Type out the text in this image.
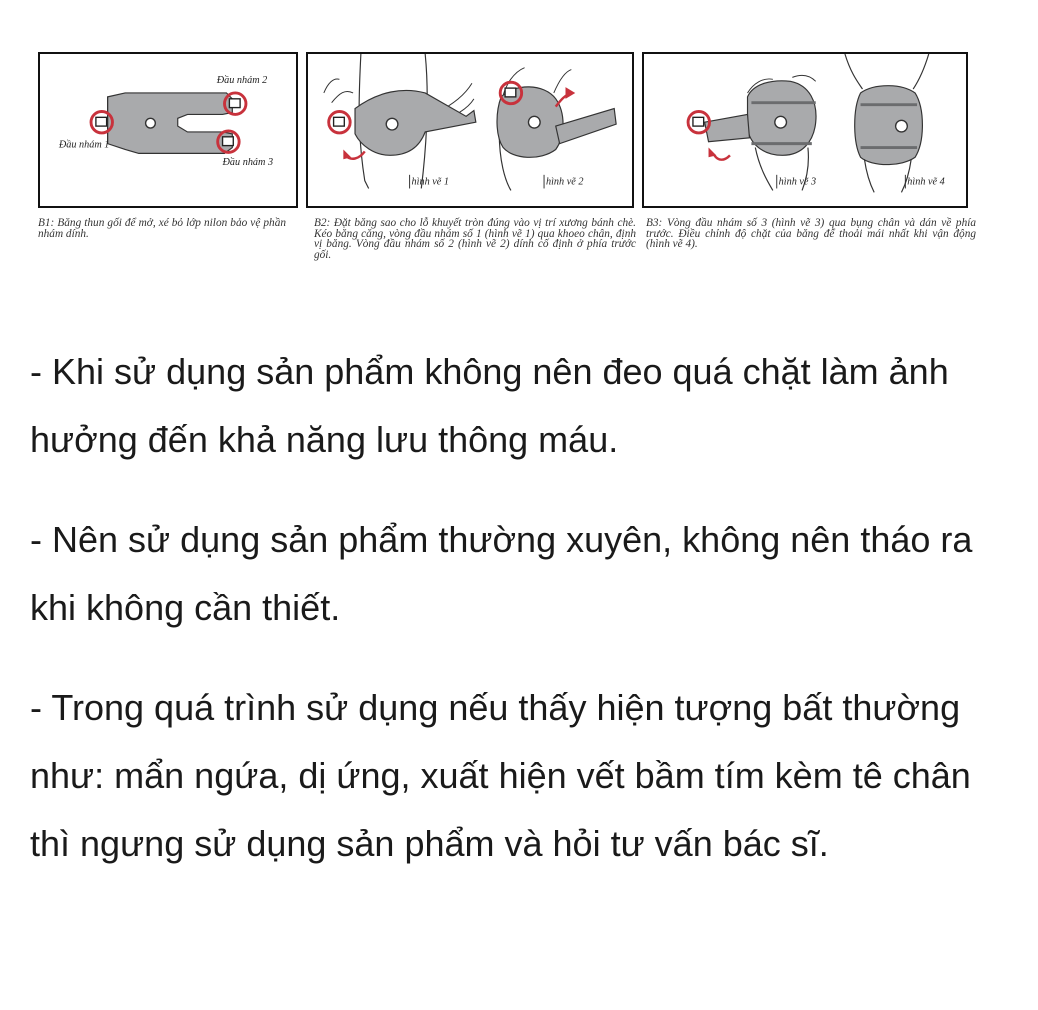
Đầu nhám 2
Đầu nhám 1
Đầu nhám 3
hình vẽ 1	hình vẽ 2	hình vẽ 3	hình vẽ 4
B1: Băng thun gối để mở, xé bỏ lớp nilon bảo vệ phần nhám dính.
B2: Đặt băng sao cho lỗ khuyết tròn đúng vào vị trí xương bánh chè. Kéo băng căng, vòng đầu nhám số 1 (hình vẽ 1) qua khoeo chân, định vị băng. Vòng đầu nhám số 2 (hình vẽ 2) dính cố định ở phía trước gối.
B3: Vòng đầu nhám số 3 (hình vẽ 3) qua bụng chân và dán về phía trước. Điều chỉnh độ chặt của băng để thoải mái nhất khi vận động (hình vẽ 4).

- Khi sử dụng sản phẩm không nên đeo quá chặt làm ảnh hưởng đến khả năng lưu thông máu.

- Nên sử dụng sản phẩm thường xuyên, không nên tháo ra khi không cần thiết.

- Trong quá trình sử dụng nếu thấy hiện tượng bất thường như: mẩn ngứa, dị ứng, xuất hiện vết bầm tím kèm tê chân thì ngưng sử dụng sản phẩm và hỏi tư vấn bác sĩ.
